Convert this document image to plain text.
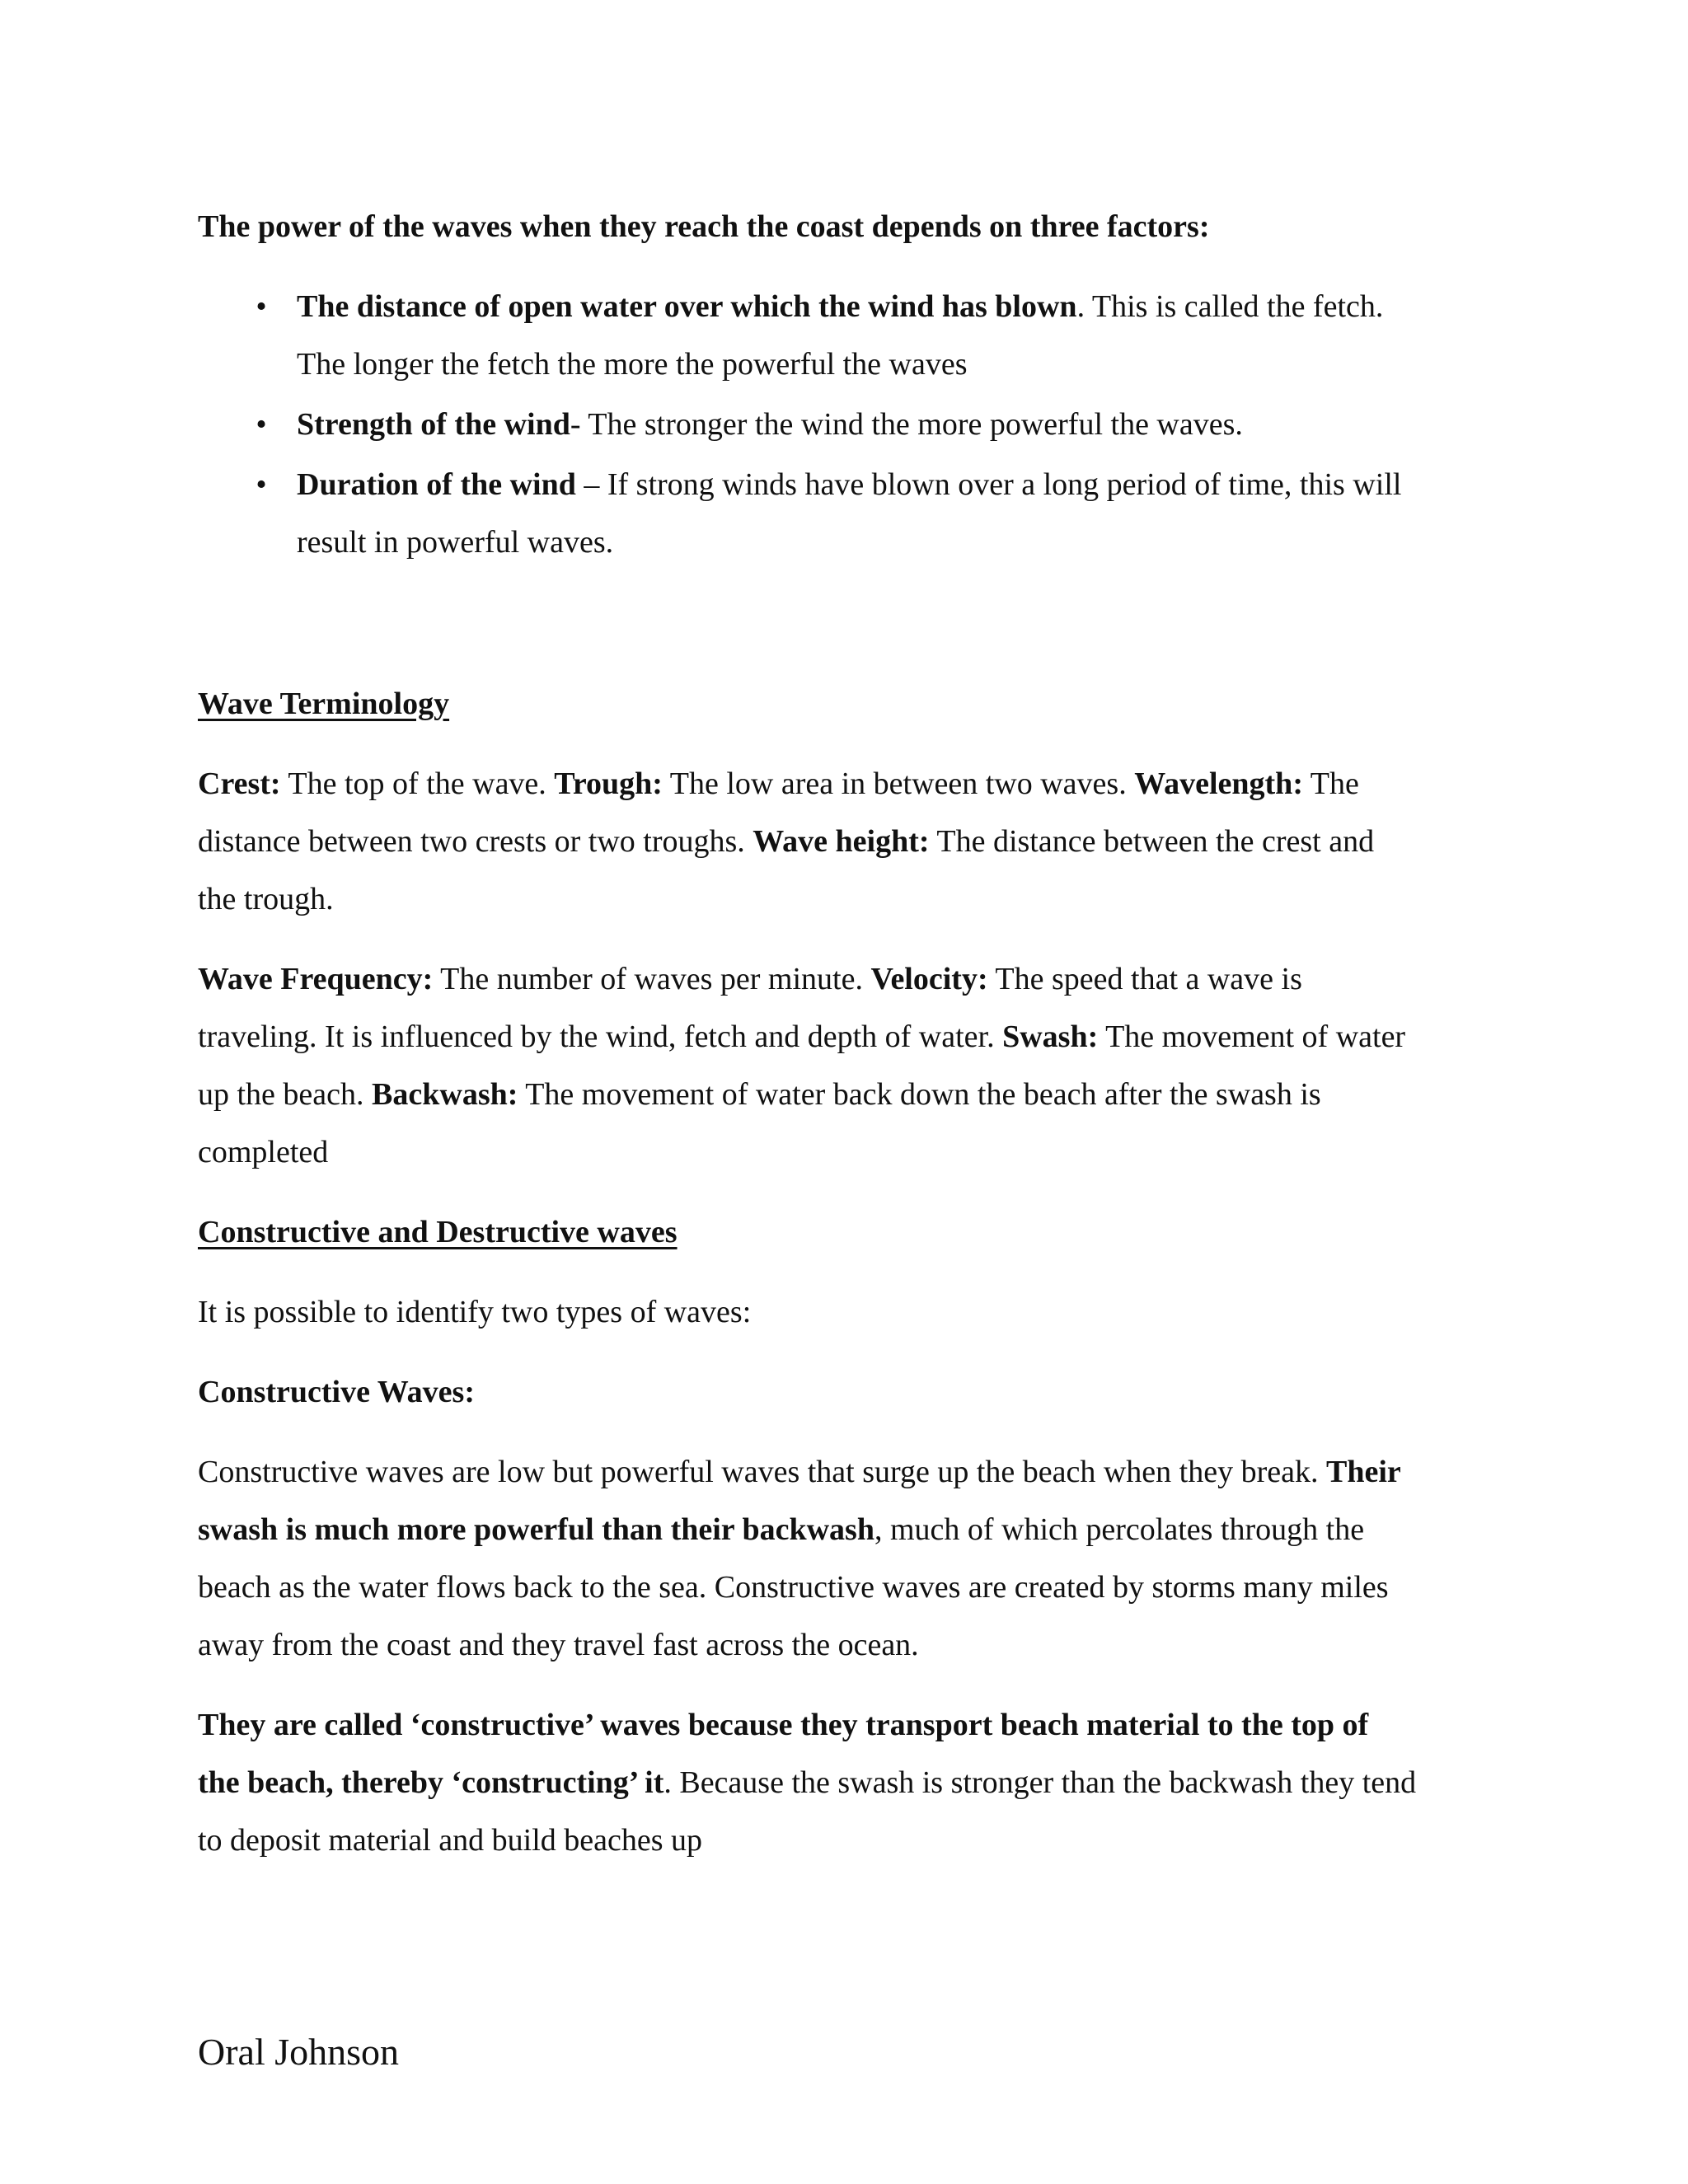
The power of the waves when they reach the coast depends on three factors:

• The distance of open water over which the wind has blown. This is called the fetch.
The longer the fetch the more the powerful the waves
• Strength of the wind- The stronger the wind the more powerful the waves.
• Duration of the wind – If strong winds have blown over a long period of time, this will
result in powerful waves.

Wave Terminology

Crest: The top of the wave. Trough: The low area in between two waves. Wavelength: The
distance between two crests or two troughs. Wave height: The distance between the crest and
the trough.

Wave Frequency: The number of waves per minute. Velocity: The speed that a wave is
traveling. It is influenced by the wind, fetch and depth of water. Swash: The movement of water
up the beach. Backwash: The movement of water back down the beach after the swash is
completed

Constructive and Destructive waves

It is possible to identify two types of waves:

Constructive Waves:

Constructive waves are low but powerful waves that surge up the beach when they break. Their
swash is much more powerful than their backwash, much of which percolates through the
beach as the water flows back to the sea. Constructive waves are created by storms many miles
away from the coast and they travel fast across the ocean.

They are called ‘constructive’ waves because they transport beach material to the top of
the beach, thereby ‘constructing’ it. Because the swash is stronger than the backwash they tend
to deposit material and build beaches up

Oral Johnson
